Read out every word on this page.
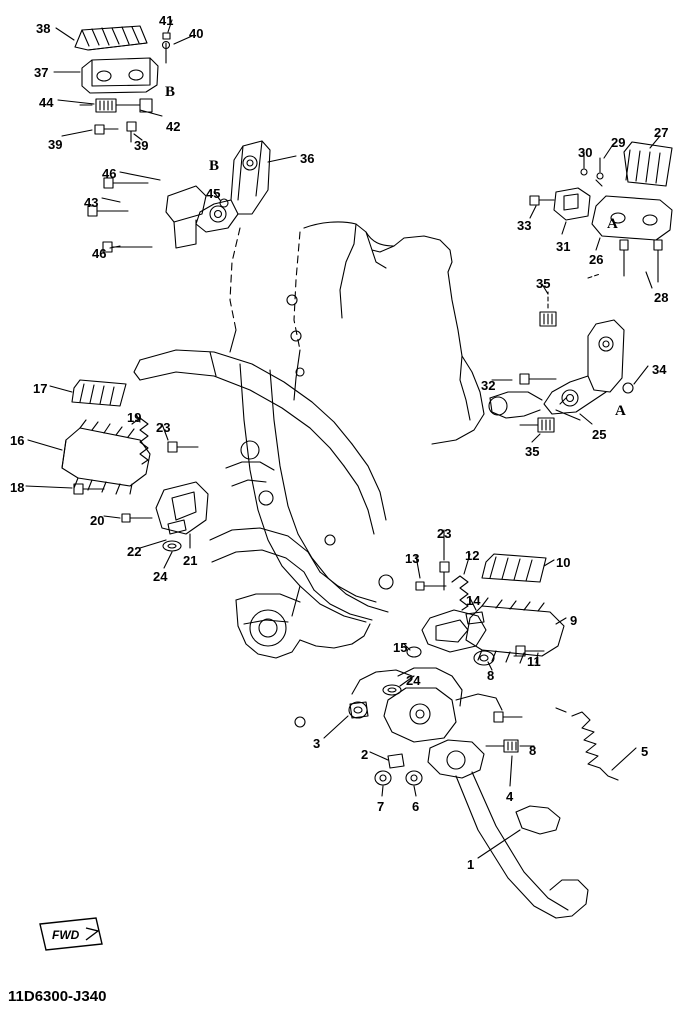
FWD
38
41
40
37
44
42
39	39
36
46
45
43
46
27
29
30
33
31
26
28
35
34
32
25
35
17
19
16
23
18
20
22
24
21
23
12	10
13
14
9
15
11
8
24
3
2	8	5
7 6
4
1
B
B
A
A
11D6300-J340
